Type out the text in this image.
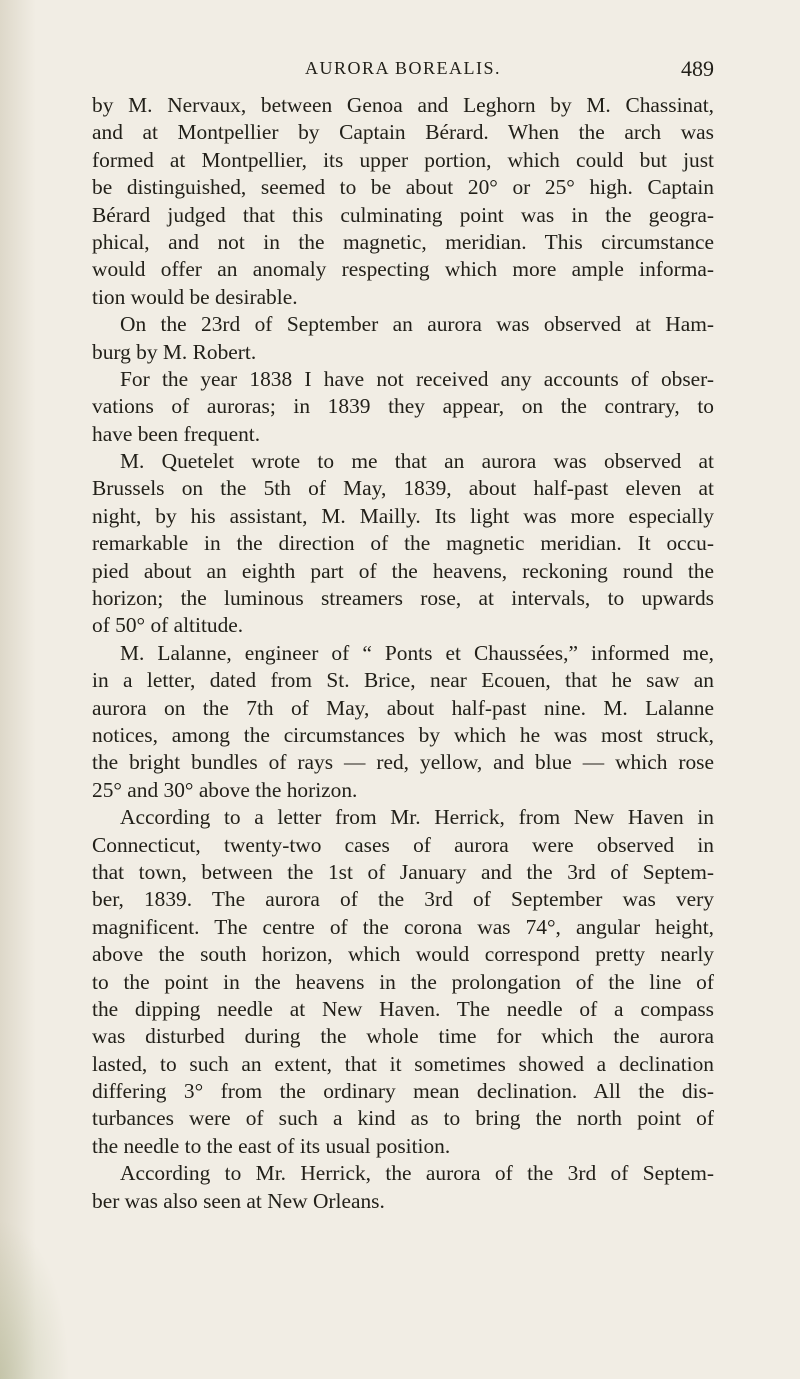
AURORA BOREALIS.	489
by M. Nervaux, between Genoa and Leghorn by M. Chassinat,
and at Montpellier by Captain Bérard. When the arch was
formed at Montpellier, its upper portion, which could but just
be distinguished, seemed to be about 20° or 25° high. Captain
Bérard judged that this culminating point was in the geogra-
phical, and not in the magnetic, meridian. This circumstance
would offer an anomaly respecting which more ample informa-
tion would be desirable.
On the 23rd of September an aurora was observed at Ham-
burg by M. Robert.
For the year 1838 I have not received any accounts of obser-
vations of auroras; in 1839 they appear, on the contrary, to
have been frequent.
M. Quetelet wrote to me that an aurora was observed at
Brussels on the 5th of May, 1839, about half-past eleven at
night, by his assistant, M. Mailly. Its light was more especially
remarkable in the direction of the magnetic meridian. It occu-
pied about an eighth part of the heavens, reckoning round the
horizon; the luminous streamers rose, at intervals, to upwards
of 50° of altitude.
M. Lalanne, engineer of “ Ponts et Chaussées,” informed me,
in a letter, dated from St. Brice, near Ecouen, that he saw an
aurora on the 7th of May, about half-past nine. M. Lalanne
notices, among the circumstances by which he was most struck,
the bright bundles of rays — red, yellow, and blue — which rose
25° and 30° above the horizon.
According to a letter from Mr. Herrick, from New Haven in
Connecticut, twenty-two cases of aurora were observed in
that town, between the 1st of January and the 3rd of Septem-
ber, 1839. The aurora of the 3rd of September was very
magnificent. The centre of the corona was 74°, angular height,
above the south horizon, which would correspond pretty nearly
to the point in the heavens in the prolongation of the line of
the dipping needle at New Haven. The needle of a compass
was disturbed during the whole time for which the aurora
lasted, to such an extent, that it sometimes showed a declination
differing 3° from the ordinary mean declination. All the dis-
turbances were of such a kind as to bring the north point of
the needle to the east of its usual position.
According to Mr. Herrick, the aurora of the 3rd of Septem-
ber was also seen at New Orleans.
